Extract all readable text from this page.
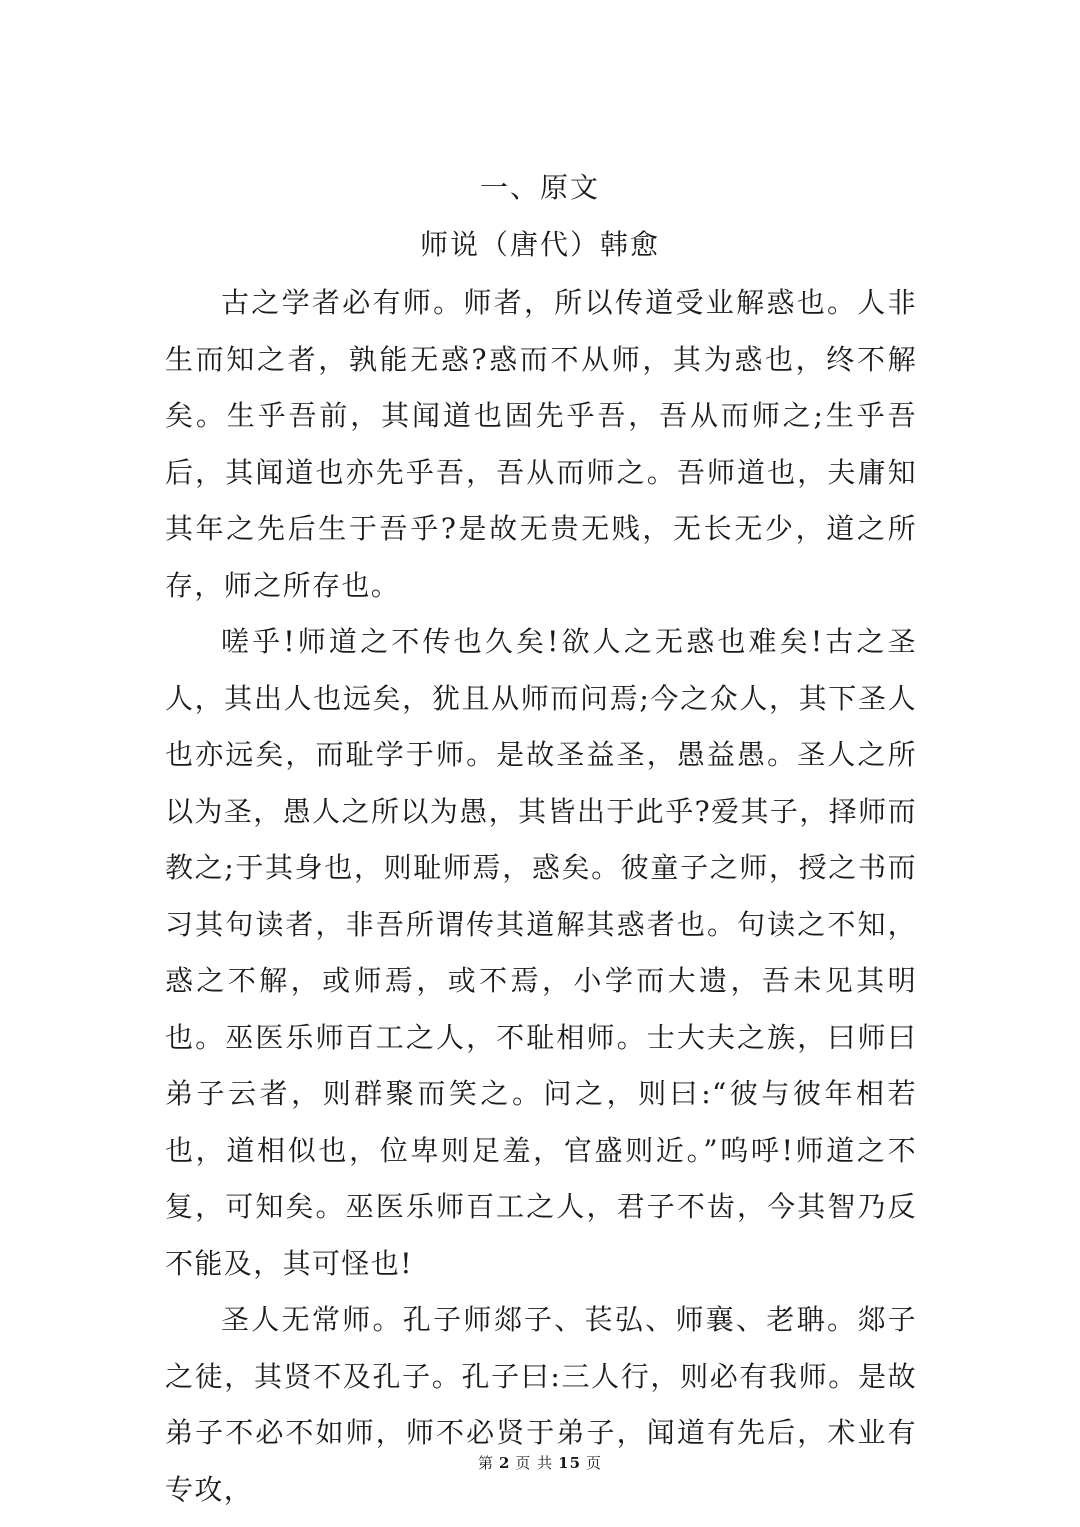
一、原文
师说（唐代）韩愈

古之学者必有师。师者，所以传道受业解惑也。人非生而知之者，孰能无惑?惑而不从师，其为惑也，终不解矣。生乎吾前，其闻道也固先乎吾，吾从而师之;生乎吾后，其闻道也亦先乎吾，吾从而师之。吾师道也，夫庸知其年之先后生于吾乎?是故无贵无贱，无长无少，道之所存，师之所存也。

嗟乎!师道之不传也久矣!欲人之无惑也难矣!古之圣人，其出人也远矣，犹且从师而问焉;今之众人，其下圣人也亦远矣，而耻学于师。是故圣益圣，愚益愚。圣人之所以为圣，愚人之所以为愚，其皆出于此乎?爱其子，择师而教之;于其身也，则耻师焉，惑矣。彼童子之师，授之书而习其句读者，非吾所谓传其道解其惑者也。句读之不知，惑之不解，或师焉，或不焉，小学而大遗，吾未见其明也。巫医乐师百工之人，不耻相师。士大夫之族，曰师曰弟子云者，则群聚而笑之。问之，则曰:“彼与彼年相若也，道相似也，位卑则足羞，官盛则近。”呜呼!师道之不复，可知矣。巫医乐师百工之人，君子不齿，今其智乃反不能及，其可怪也!

圣人无常师。孔子师郯子、苌弘、师襄、老聃。郯子之徒，其贤不及孔子。孔子曰:三人行，则必有我师。是故弟子不必不如师，师不必贤于弟子，闻道有先后，术业有专攻，

第 2 页 共 15 页
